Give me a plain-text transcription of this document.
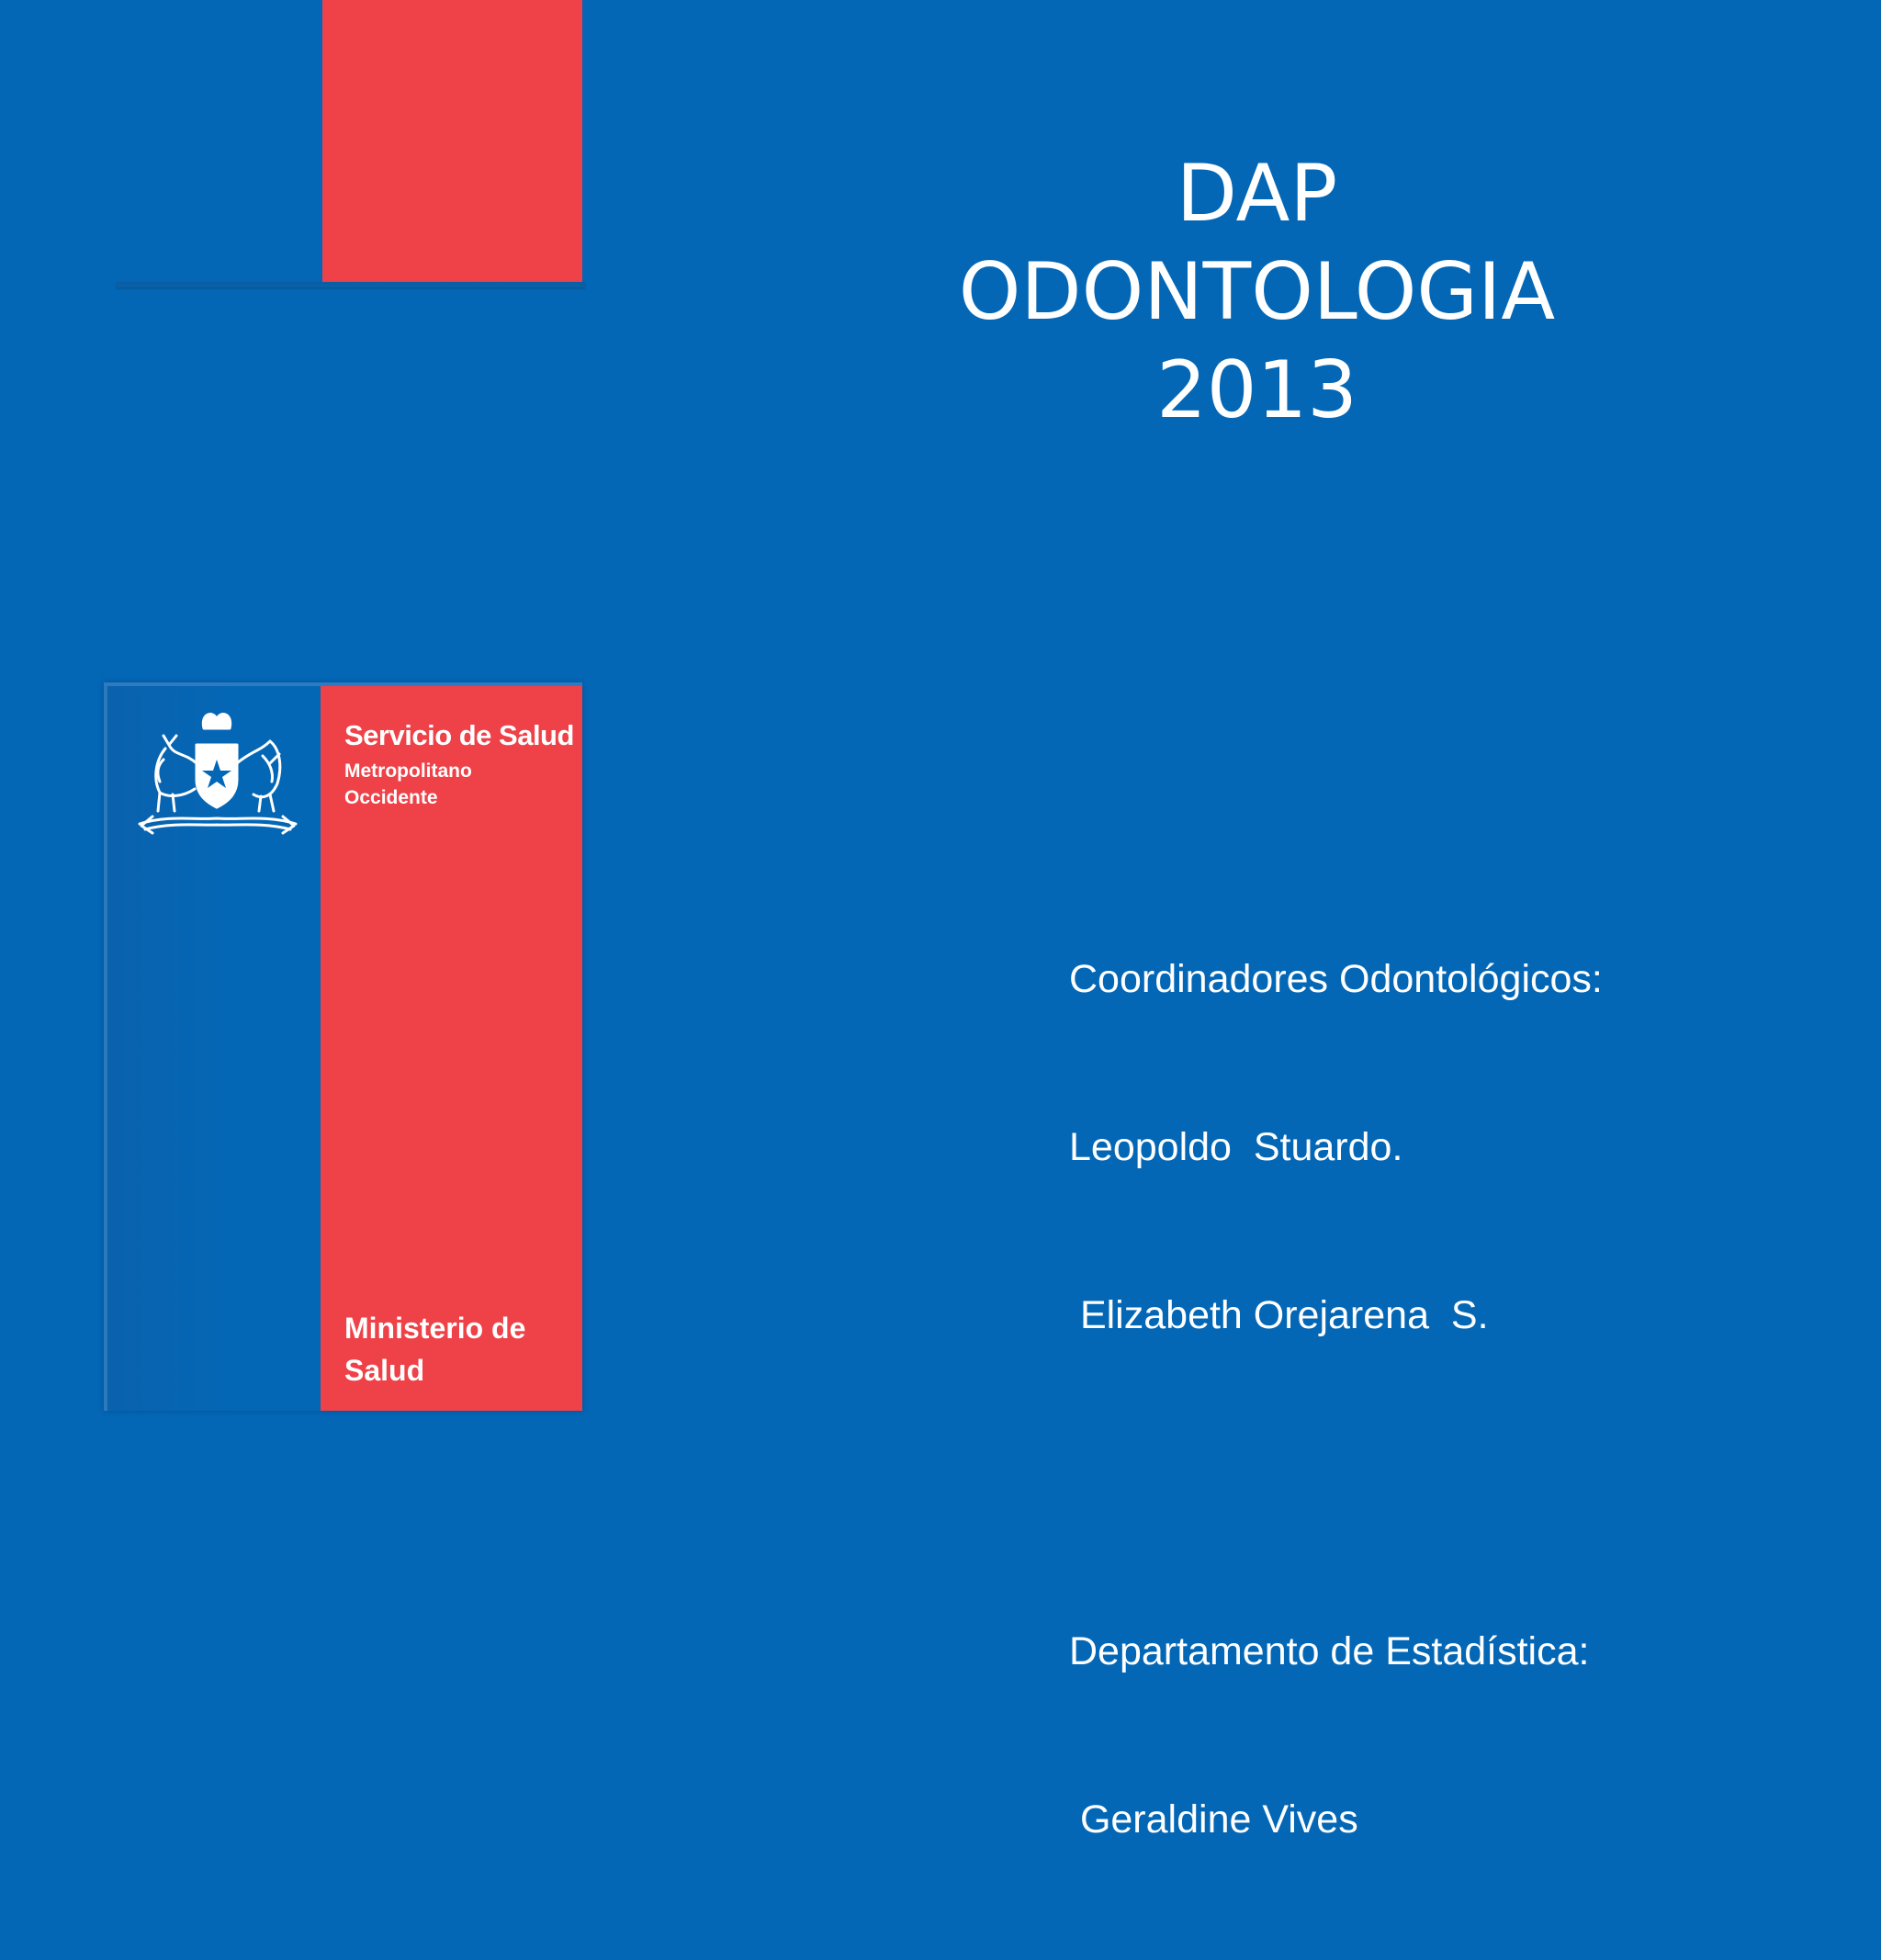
Servicio de Salud
Metropolitano
Occidente
Ministerio de
Salud
DAP
ODONTOLOGIA
2013

Coordinadores Odontológicos:

Leopoldo  Stuardo.

Elizabeth Orejarena  S.

Departamento de Estadística:

Geraldine Vives
